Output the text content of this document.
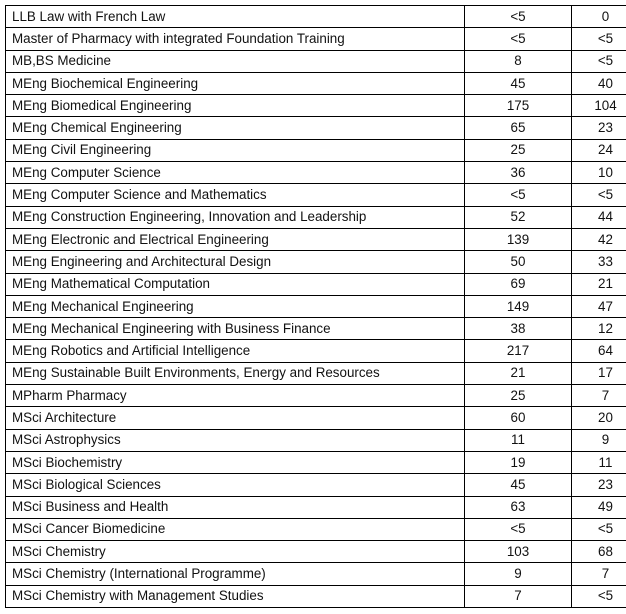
LLB Law with French Law	<5	0
Master of Pharmacy with integrated Foundation Training	<5	<5
MB,BS Medicine	8	<5
MEng Biochemical Engineering	45	40
MEng Biomedical Engineering	175	104
MEng Chemical Engineering	65	23
MEng Civil Engineering	25	24
MEng Computer Science	36	10
MEng Computer Science and Mathematics	<5	<5
MEng Construction Engineering, Innovation and Leadership	52	44
MEng Electronic and Electrical Engineering	139	42
MEng Engineering and Architectural Design	50	33
MEng Mathematical Computation	69	21
MEng Mechanical Engineering	149	47
MEng Mechanical Engineering with Business Finance	38	12
MEng Robotics and Artificial Intelligence	217	64
MEng Sustainable Built Environments, Energy and Resources	21	17
MPharm Pharmacy	25	7
MSci Architecture	60	20
MSci Astrophysics	11	9
MSci Biochemistry	19	11
MSci Biological Sciences	45	23
MSci Business and Health	63	49
MSci Cancer Biomedicine	<5	<5
MSci Chemistry	103	68
MSci Chemistry (International Programme)	9	7
MSci Chemistry with Management Studies	7	<5
